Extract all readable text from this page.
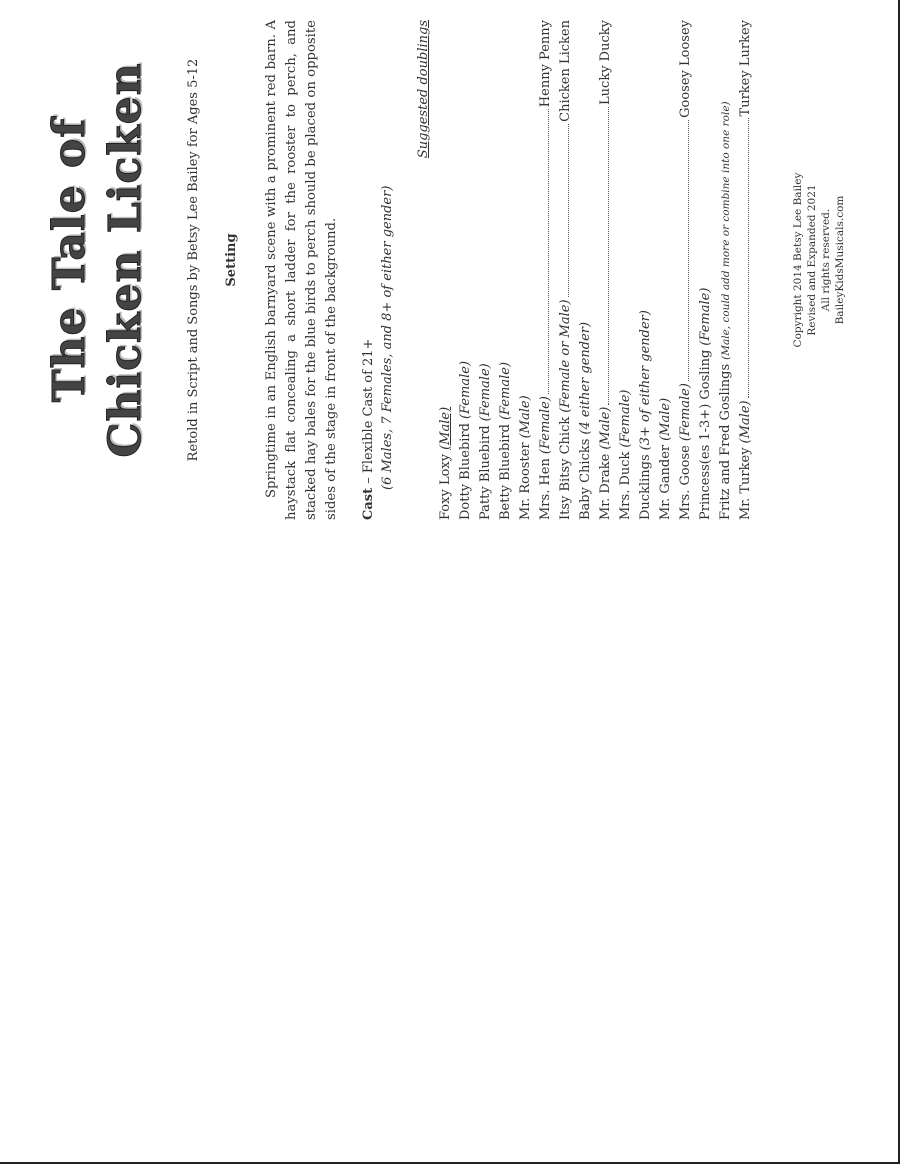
The Tale of Chicken Licken	Retold in Script and Songs by Betsy Lee Bailey for Ages 5-12 Setting Springtime in an English barnyard scene with a prominent red barn. A haystack flat concealing a short ladder for the rooster to perch, and stacked hay bales for the blue birds to perch should be placed on opposite sides of the stage in front of the background. Cast – Flexible Cast of 21+ (6 Males, 7 Females, and 8+ of either gender)
Suggested doublings
Foxy Loxy
(Male) Dotty Bluebird
(Female)
Patty Bluebird
(Female)
Betty Bluebird
(Female)
Mr. Rooster
(Male)
Mrs. Hen
(Female)
Henny Penny
Itsy Bitsy Chick
(Female or Male)
Chicken Licken
Baby Chicks
(4 either gender)
Mr. Drake
(Male)
Lucky Ducky
Mrs. Duck
(Female)
Ducklings
(3+ of either gender)
Mr. Gander
(Male)
Mrs. Goose
(Female)
Goosey Loosey
Princess(es 1-3+) Gosling
(Female)
Fritz and Fred Goslings
(Male, could add more or combine into one role)
Mr. Turkey
(Male)
Turkey Lurkey
Copyright 2014 Betsy Lee Bailey Revised and Expanded 2021 All rights reserved. BaileyKidsMusicals.com
